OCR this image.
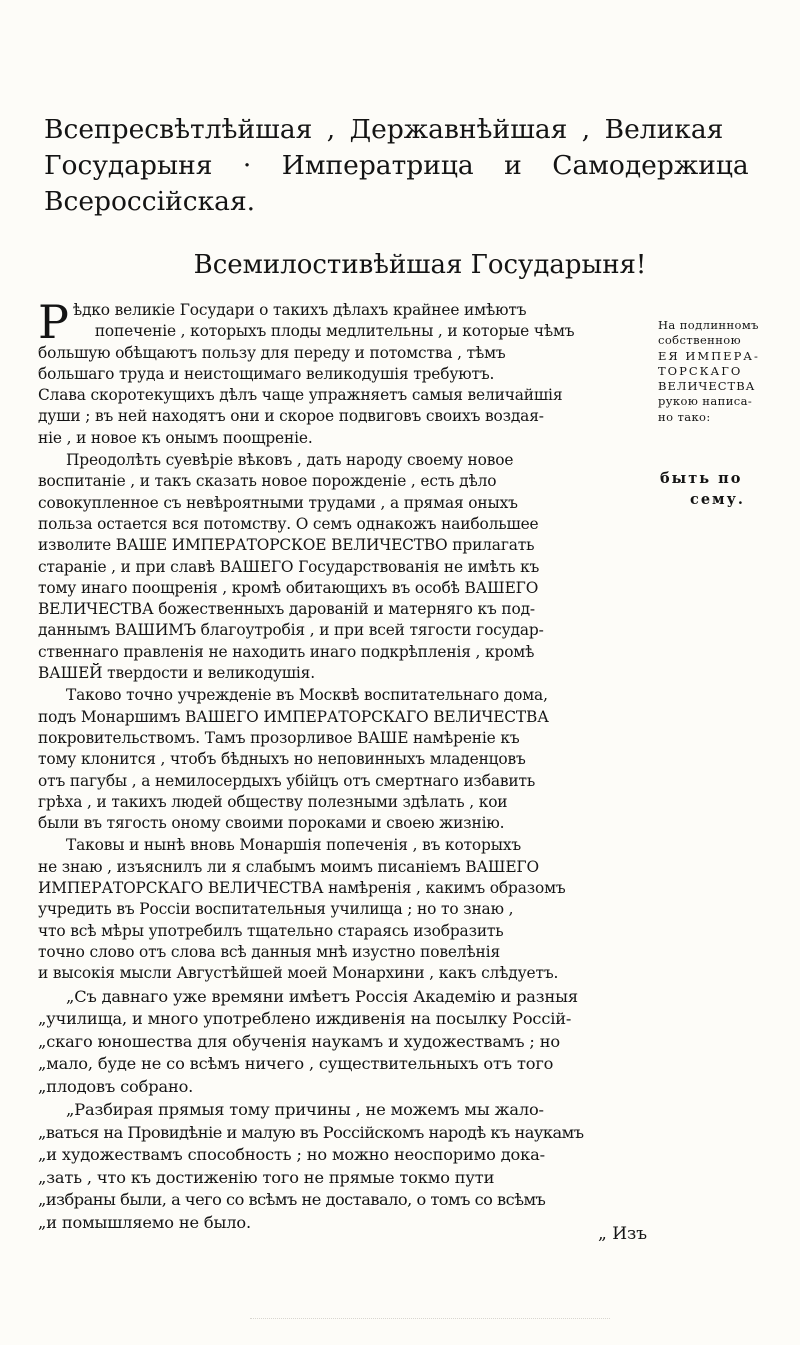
Всепресвѣтлѣйшая , Державнѣйшая , Великая
Государыня · Императрица и Самодержица
Всероссійская.
Всемилостивѣйшая Государыня!
На подлинномъ
собственною
ЕЯ ИМПЕРА-
ТОРСКАГО
ВЕЛИЧЕСТВА
рукою написа-
но тако:
быть по
сему.

Р ѣдко великіе Государи о такихъ дѣлахъ крайнее имѣютъ
попеченіе , которыхъ плоды медлительны , и которые чѣмъ
большую обѣщаютъ пользу для переду и потомства , тѣмъ
большаго труда и неистощимаго великодушія требуютъ.
Слава скоротекущихъ дѣлъ чаще упражняетъ самыя величайшія
души ; въ ней находятъ они и скорое подвиговъ своихъ воздая-
ніе , и новое къ онымъ поощреніе.

Преодолѣть суевѣріе вѣковъ , дать народу своему новое
воспитаніе , и такъ сказать новое порожденіе , есть дѣло
совокупленное съ невѣроятными трудами , а прямая оныхъ
польза остается вся потомству. О семъ однакожъ наибольшее
изволите ВАШЕ ИМПЕРАТОРСКОЕ ВЕЛИЧЕСТВО прилагать
стараніе , и при славѣ ВАШЕГО Государствованія не имѣть къ
тому инаго поощренія , кромѣ обитающихъ въ особѣ ВАШЕГО
ВЕЛИЧЕСТВА божественныхъ дарованій и матерняго къ под-
даннымъ ВАШИМЪ благоутробія , и при всей тягости государ-
ственнаго правленія не находить инаго подкрѣпленія , кромѣ
ВАШЕЙ твердости и великодушія.

Таково точно учрежденіе въ Москвѣ воспитательнаго дома,
подъ Монаршимъ ВАШЕГО ИМПЕРАТОРСКАГО ВЕЛИЧЕСТВА
покровительствомъ. Тамъ прозорливое ВАШЕ намѣреніе къ
тому клонится , чтобъ бѣдныхъ но неповинныхъ младенцовъ
отъ пагубы , а немилосердыхъ убійцъ отъ смертнаго избавить
грѣха , и такихъ людей обществу полезными здѣлать , кои
были въ тягость оному своими пороками и своею жизнію.

Таковы и нынѣ вновь Монаршія попеченія , въ которыхъ
не знаю , изъяснилъ ли я слабымъ моимъ писаніемъ ВАШЕГО
ИМПЕРАТОРСКАГО ВЕЛИЧЕСТВА намѣренія , какимъ образомъ
учредить въ Россіи воспитательныя училища ; но то знаю ,
что всѣ мѣры употребилъ тщательно стараясь изобразить
точно слово отъ слова всѣ данныя мнѣ изустно повелѣнія
и высокія мысли Августѣйшей моей Монархини , какъ слѣдуетъ.

„Съ давнаго уже времяни имѣетъ Россія Академію и разныя
„училища, и много употреблено иждивенія на посылку Россій-
„скаго юношества для обученія наукамъ и художествамъ ; но
„мало, буде не со всѣмъ ничего , существительныхъ отъ того
„плодовъ собрано.

„Разбирая прямыя тому причины , не можемъ мы жало-
„ваться на Провидѣніе и малую въ Россійскомъ народѣ къ наукамъ
„и художествамъ способность ; но можно неоспоримо дока-
„зать , что къ достиженію того не прямые токмо пути
„избраны были, а чего со всѣмъ не доставало, о томъ со всѣмъ
„и помышляемо не было.

„ Изъ
